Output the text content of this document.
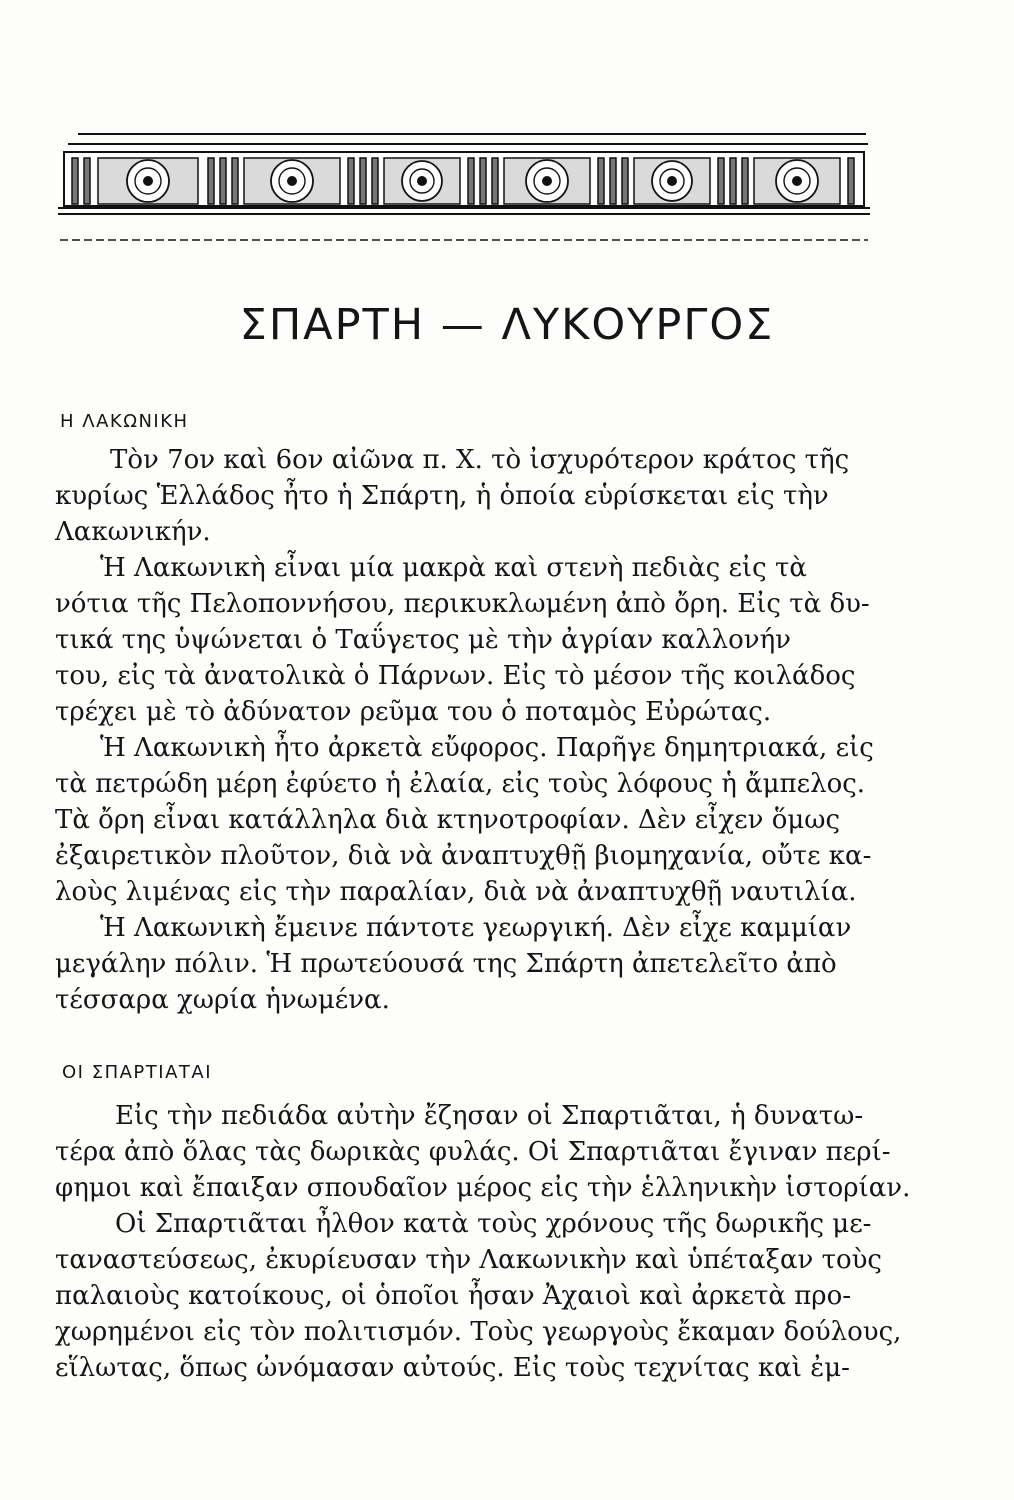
ΣΠΑΡΤΗ — ΛΥΚΟΥΡΓΟΣ
Η ΛΑΚΩΝΙΚΗ
Τὸν 7ον καὶ 6ον αἰῶνα π. Χ. τὸ ἰσχυρότερον κράτος τῆς
κυρίως Ἑλλάδος ἦτο ἡ Σπάρτη, ἡ ὁποία εὑρίσκεται εἰς τὴν
Λακωνικήν.
Ἡ Λακωνικὴ εἶναι μία μακρὰ καὶ στενὴ πεδιὰς εἰς τὰ
νότια τῆς Πελοποννήσου, περικυκλωμένη ἀπὸ ὄρη. Εἰς τὰ δυ-
τικά της ὑψώνεται ὁ Ταΰγετος μὲ τὴν ἀγρίαν καλλονήν
του, εἰς τὰ ἀνατολικὰ ὁ Πάρνων. Εἰς τὸ μέσον τῆς κοιλάδος
τρέχει μὲ τὸ ἀδύνατον ρεῦμα του ὁ ποταμὸς Εὐρώτας.
Ἡ Λακωνικὴ ἦτο ἀρκετὰ εὔφορος. Παρῆγε δημητριακά, εἰς
τὰ πετρώδη μέρη ἐφύετο ἡ ἐλαία, εἰς τοὺς λόφους ἡ ἄμπελος.
Τὰ ὄρη εἶναι κατάλληλα διὰ κτηνοτροφίαν. Δὲν εἶχεν ὅμως
ἐξαιρετικὸν πλοῦτον, διὰ νὰ ἀναπτυχθῇ βιομηχανία, οὔτε κα-
λοὺς λιμένας εἰς τὴν παραλίαν, διὰ νὰ ἀναπτυχθῇ ναυτιλία.
Ἡ Λακωνικὴ ἔμεινε πάντοτε γεωργική. Δὲν εἶχε καμμίαν
μεγάλην πόλιν. Ἡ πρωτεύουσά της Σπάρτη ἀπετελεῖτο ἀπὸ
τέσσαρα χωρία ἡνωμένα.
ΟΙ ΣΠΑΡΤΙΑΤΑΙ
Εἰς τὴν πεδιάδα αὐτὴν ἔζησαν οἱ Σπαρτιᾶται, ἡ δυνατω-
τέρα ἀπὸ ὅλας τὰς δωρικὰς φυλάς. Οἱ Σπαρτιᾶται ἔγιναν περί-
φημοι καὶ ἔπαιξαν σπουδαῖον μέρος εἰς τὴν ἑλληνικὴν ἱστορίαν.
Οἱ Σπαρτιᾶται ἦλθον κατὰ τοὺς χρόνους τῆς δωρικῆς με-
ταναστεύσεως, ἐκυρίευσαν τὴν Λακωνικὴν καὶ ὑπέταξαν τοὺς
παλαιοὺς κατοίκους, οἱ ὁποῖοι ἦσαν Ἀχαιοὶ καὶ ἀρκετὰ προ-
χωρημένοι εἰς τὸν πολιτισμόν. Τοὺς γεωργοὺς ἔκαμαν δούλους,
εἵλωτας, ὅπως ὠνόμασαν αὐτούς. Εἰς τοὺς τεχνίτας καὶ ἐμ-
